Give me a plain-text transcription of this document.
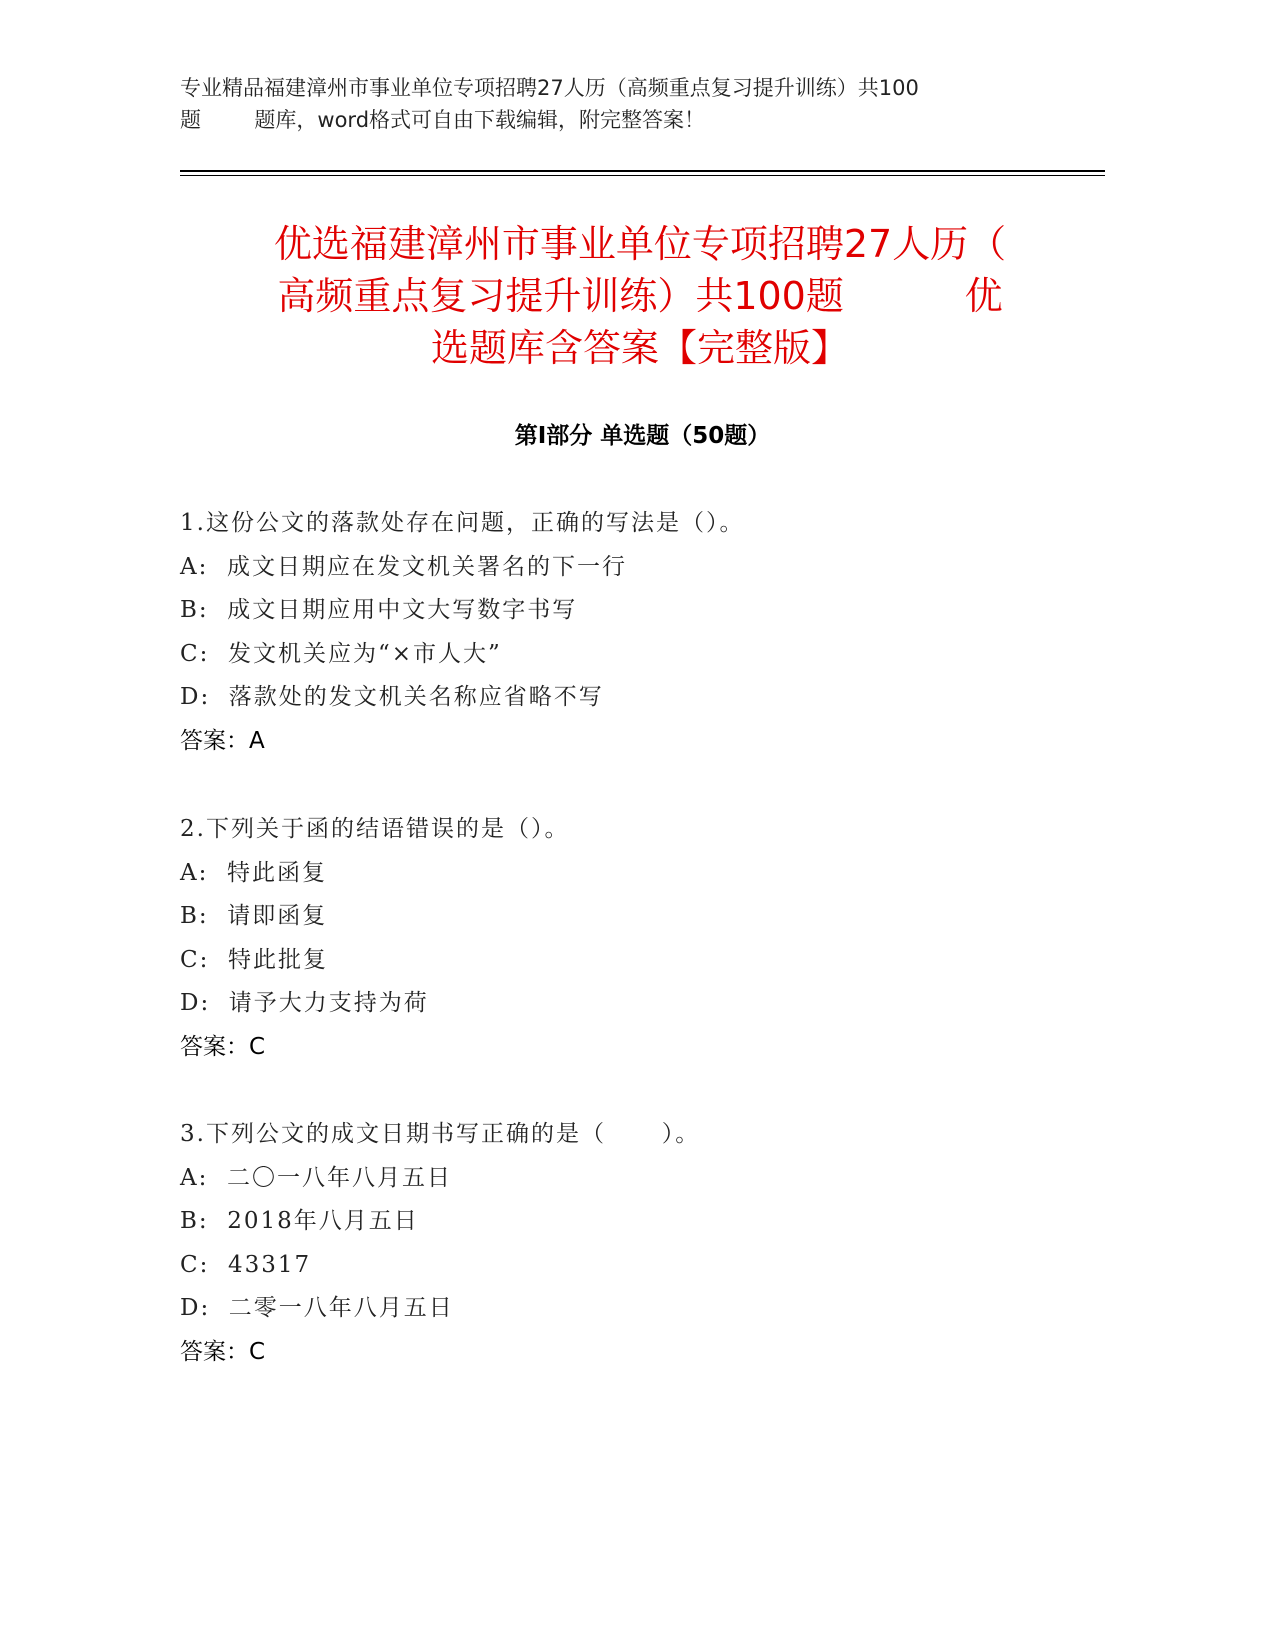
专业精品福建漳州市事业单位专项招聘27人历（高频重点复习提升训练）共100
题        题库，word格式可自由下载编辑，附完整答案！
优选福建漳州市事业单位专项招聘27人历（
高频重点复习提升训练）共100题          优
选题库含答案【完整版】
第Ⅰ部分 单选题（50题）
1.这份公文的落款处存在问题，正确的写法是（）。
A:  成文日期应在发文机关署名的下一行
B:  成文日期应用中文大写数字书写
C:  发文机关应为“×市人大”
D:  落款处的发文机关名称应省略不写
答案：A
2.下列关于函的结语错误的是（）。
A:  特此函复
B:  请即函复
C:  特此批复
D:  请予大力支持为荷
答案：C
3.下列公文的成文日期书写正确的是（      ）。
A:  二〇一八年八月五日
B:  2018年八月五日
C:  43317
D:  二零一八年八月五日
答案：C
